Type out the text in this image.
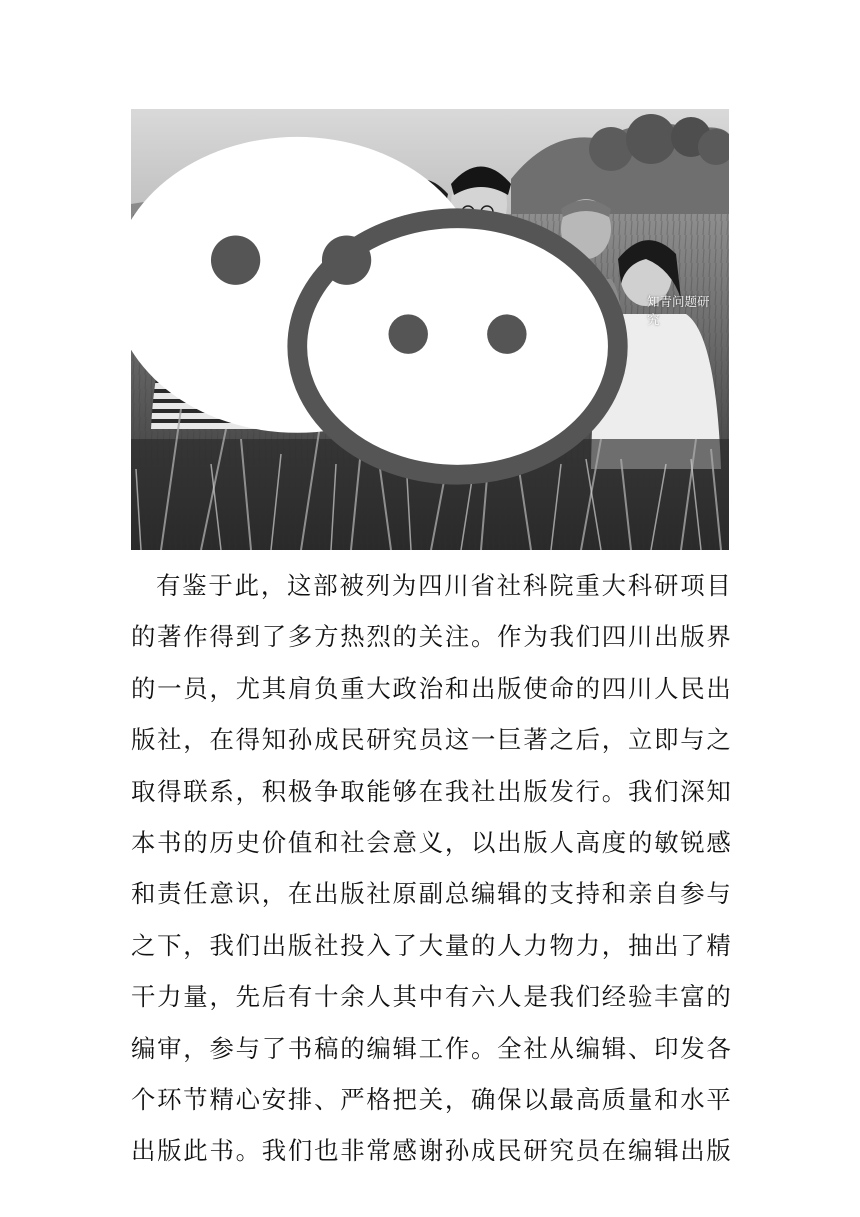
知青问题研究
有鉴于此，这部被列为四川省社科院重大科研项目
的著作得到了多方热烈的关注。作为我们四川出版界
的一员，尤其肩负重大政治和出版使命的四川人民出
版社，在得知孙成民研究员这一巨著之后，立即与之
取得联系，积极争取能够在我社出版发行。我们深知
本书的历史价值和社会意义，以出版人高度的敏锐感
和责任意识，在出版社原副总编辑的支持和亲自参与
之下，我们出版社投入了大量的人力物力，抽出了精
干力量，先后有十余人其中有六人是我们经验丰富的
编审，参与了书稿的编辑工作。全社从编辑、印发各
个环节精心安排、严格把关，确保以最高质量和水平
出版此书。我们也非常感谢孙成民研究员在编辑出版
